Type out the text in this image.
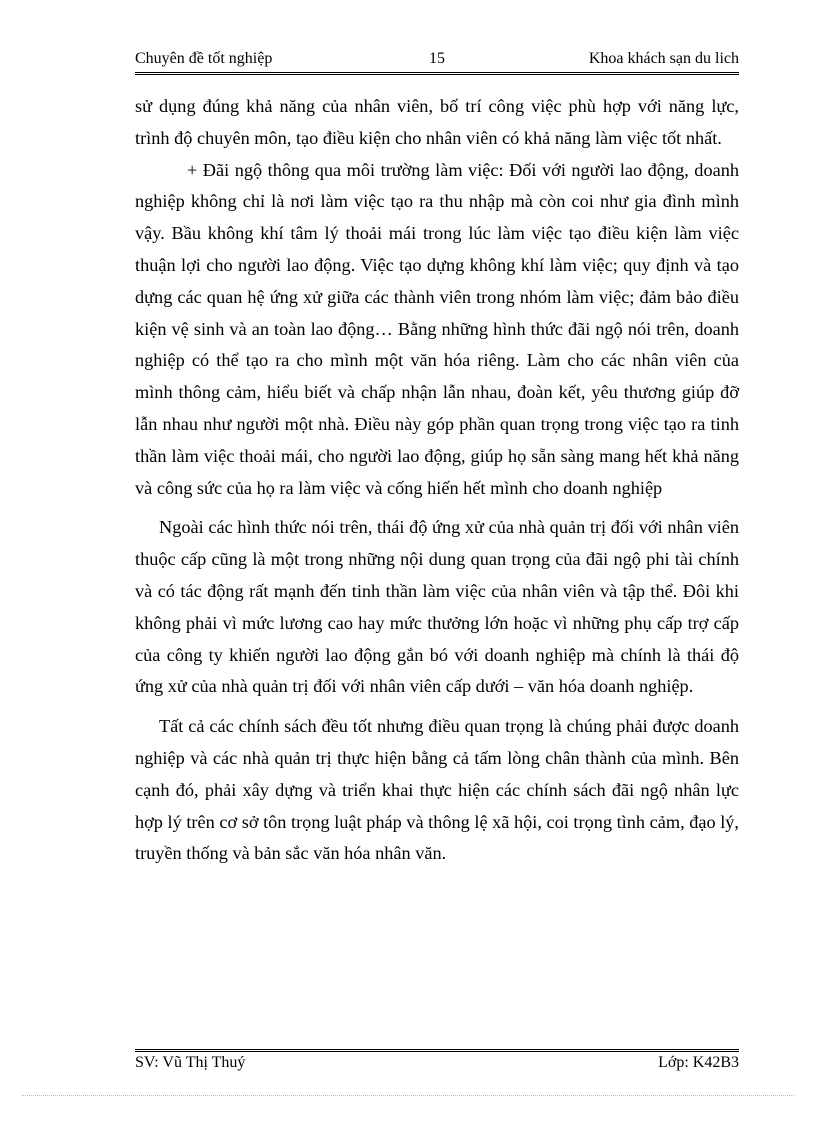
Chuyên đề tốt nghiệp	15	Khoa khách sạn du lich

sử dụng đúng khả năng của nhân viên, bố trí công việc phù hợp với năng lực, trình độ chuyên môn, tạo điều kiện cho nhân viên có khả năng làm việc tốt nhất.

+ Đãi ngộ thông qua môi trường làm việc: Đối với người lao động, doanh nghiệp không chỉ là nơi làm việc tạo ra thu nhập mà còn coi như gia đình mình vậy. Bầu không khí tâm lý thoải mái trong lúc làm việc tạo điều kiện làm việc thuận lợi cho người lao động. Việc tạo dựng không khí làm việc; quy định và tạo dựng các quan hệ ứng xử giữa các thành viên trong nhóm làm việc; đảm bảo điều kiện vệ sinh và an toàn lao động… Bằng những hình thức đãi ngộ nói trên, doanh nghiệp có thể tạo ra cho mình một văn hóa riêng. Làm cho các nhân viên của mình thông cảm, hiểu biết và chấp nhận lẫn nhau, đoàn kết, yêu thương giúp đỡ lẫn nhau như người một nhà. Điều này góp phần quan trọng trong việc tạo ra tinh thần làm việc thoải mái, cho người lao động, giúp họ sẵn sàng mang hết khả năng và công sức của họ ra làm việc và cống hiến hết mình cho doanh nghiệp

Ngoài các hình thức nói trên, thái độ ứng xử của nhà quản trị đối với nhân viên thuộc cấp cũng là một trong những nội dung quan trọng của đãi ngộ phi tài chính và có tác động rất mạnh đến tinh thần làm việc của nhân viên và tập thể. Đôi khi không phải vì mức lương cao hay mức thưởng lớn hoặc vì những phụ cấp trợ cấp của công ty khiến người lao động gắn bó với doanh nghiệp mà chính là thái độ ứng xử của nhà quản trị đối với nhân viên cấp dưới – văn hóa doanh nghiệp.

Tất cả các chính sách đều tốt nhưng điều quan trọng là chúng phải được doanh nghiệp và các nhà quản trị thực hiện bằng cả tấm lòng chân thành của mình. Bên cạnh đó, phải xây dựng và triển khai thực hiện các chính sách đãi ngộ nhân lực hợp lý trên cơ sở tôn trọng luật pháp và thông lệ xã hội, coi trọng tình cảm, đạo lý, truyền thống và bản sắc văn hóa nhân văn.

SV: Vũ Thị Thuý	Lớp: K42B3
